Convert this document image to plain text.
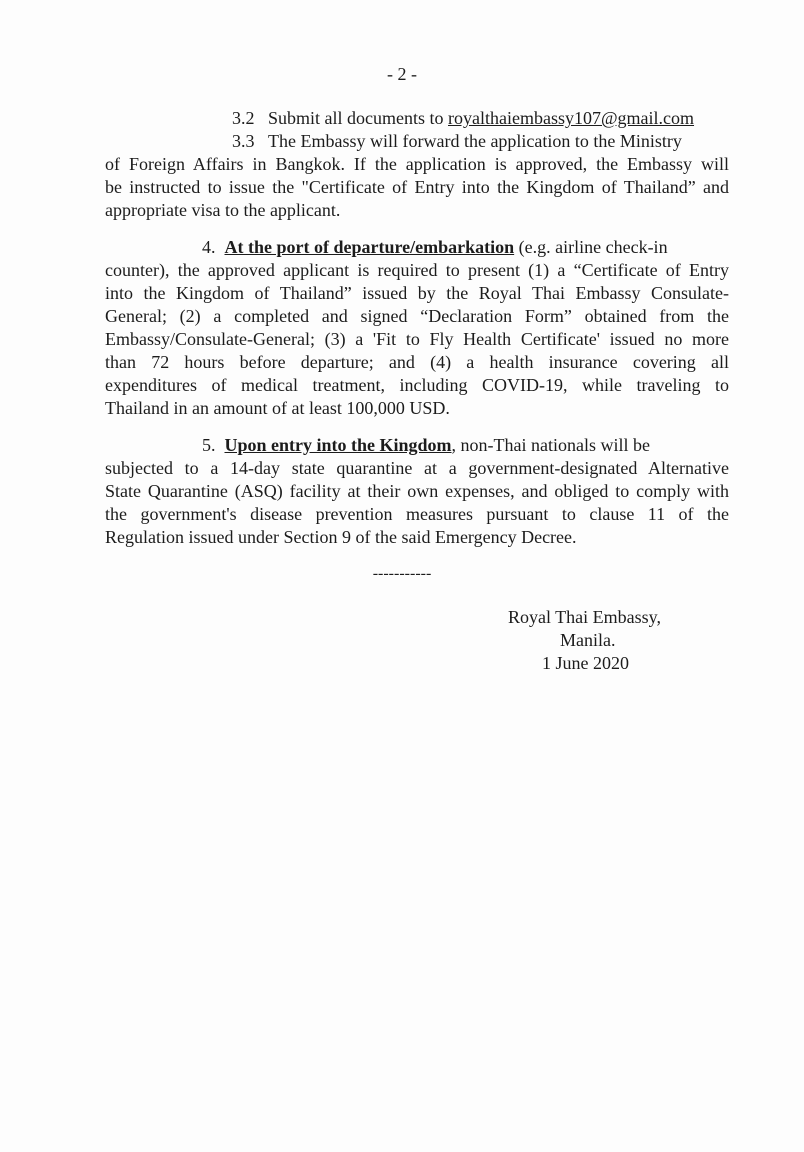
- 2 -
3.2 Submit all documents to royalthaiembassy107@gmail.com
3.3 The Embassy will forward the application to the Ministry
of Foreign Affairs in Bangkok. If the application is approved, the Embassy will
be instructed to issue the "Certificate of Entry into the Kingdom of Thailand” and
appropriate visa to the applicant.
4. At the port of departure/embarkation (e.g. airline check-in
counter), the approved applicant is required to present (1) a “Certificate of Entry
into the Kingdom of Thailand” issued by the Royal Thai Embassy Consulate-
General; (2) a completed and signed “Declaration Form” obtained from the
Embassy/Consulate-General; (3) a 'Fit to Fly Health Certificate' issued no more
than 72 hours before departure; and (4) a health insurance covering all
expenditures of medical treatment, including COVID-19, while traveling to
Thailand in an amount of at least 100,000 USD.
5. Upon entry into the Kingdom, non-Thai nationals will be
subjected to a 14-day state quarantine at a government-designated Alternative
State Quarantine (ASQ) facility at their own expenses, and obliged to comply with
the government's disease prevention measures pursuant to clause 11 of the
Regulation issued under Section 9 of the said Emergency Decree.
-----------
Royal Thai Embassy,
Manila.
1 June 2020
